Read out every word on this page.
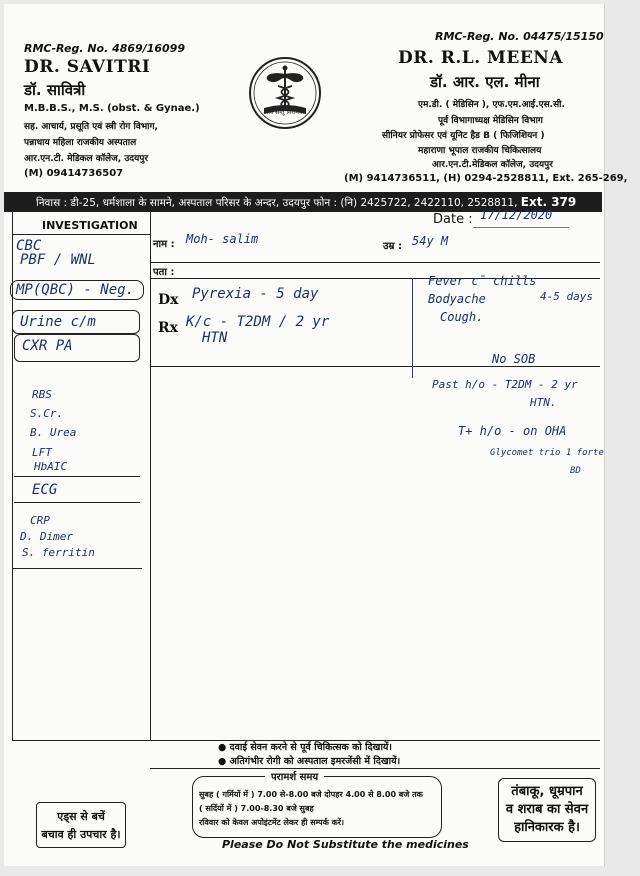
RMC-Reg. No. 4869/16099
DR. SAVITRI
डॉ. सावित्री
M.B.B.S., M.S. (obst. & Gynae.)
सह. आचार्य, प्रसूति एवं स्त्री रोग विभाग,
पन्नाधाय महिला राजकीय अस्पताल
आर.एन.टी. मेडिकल कॉलेज, उदयपुर
(M) 09414736507
सर्वे सन्तु निरामया
RMC-Reg. No. 04475/15150
DR. R.L. MEENA
डॉ. आर. एल. मीना
एम.डी. ( मेडिसिन ), एफ.एम.आई.एस.सी.
पूर्व विभागाध्यक्ष मेडिसिन विभाग
सीनियर प्रोफेसर एवं यूनिट हैड B ( फिजिशियन )
महाराणा भूपाल राजकीय चिकित्सालय
आर.एन.टी.मेडिकल कॉलेज, उदयपुर
(M) 9414736511, (H) 0294-2528811, Ext. 265-269,
निवास : डी-25, धर्मशाला के सामने, अस्पताल परिसर के अन्दर, उदयपुर फोन : (नि) 2425722, 2422110, 2528811, Ext. 379
INVESTIGATION	Date : 17/12/2020
नाम : Moh- salim
उम्र : 54y M
पता :
Dx
Rx
CBC
PBF / WNL
MP(QBC) - Neg.
Urine c/m
CXR PA
RBS
S.Cr.
B. Urea
LFT
HbAIC
ECG
CRP
D. Dimer
S. ferritin
Pyrexia - 5 day
K/c - T2DM / 2 yr
HTN
Fever c̄ chills
Bodyache
Cough.
4-5 days
No SOB
Past h/o - T2DM - 2 yr
HTN.
T+ h/o - on OHA
Glycomet trio 1 forte
BD
● दवाई सेवन करने से पूर्व चिकित्सक को दिखायें।
● अतिगंभीर रोगी को अस्पताल इमरजेंसी में दिखायें।
एड्स से बचें
बचाव ही उपचार है।
परामर्श समय
सुबह ( गर्मियों में ) 7.00 से-8.00 बजे दोपहर 4.00 से 8.00 बजे तक
( सर्दियों में ) 7.00-8.30 बजे सुबह
रविवार को केवल अपोइंटमेंट लेकर ही सम्पर्क करें।
तंबाकू, धूम्रपान
व शराब का सेवन
हानिकारक है।
Please Do Not Substitute the medicines
